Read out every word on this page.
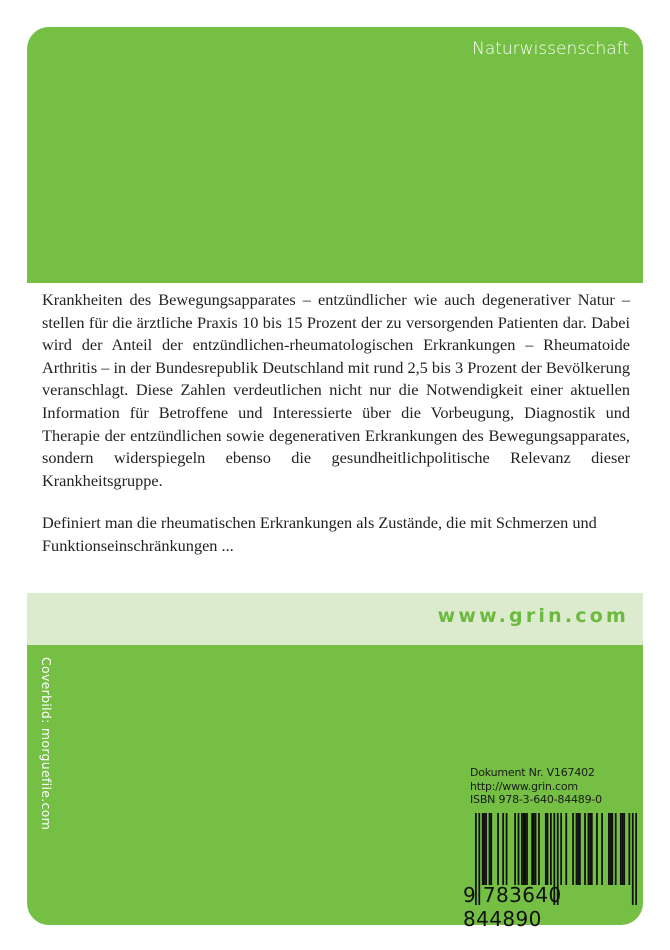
Naturwissenschaft

Krankheiten des Bewegungsapparates – entzündlicher wie auch degenerativer Natur – stellen für die ärztliche Praxis 10 bis 15 Prozent der zu versorgenden Patienten dar. Dabei wird der Anteil der entzündlichen-rheumatologischen Erkrankungen – Rheumatoide Arthritis – in der Bundesrepublik Deutschland mit rund 2,5 bis 3 Prozent der Bevölkerung veranschlagt. Diese Zahlen verdeutlichen nicht nur die Notwendigkeit einer aktuellen Information für Betroffene und Interessierte über die Vorbeugung, Diagnostik und Therapie der entzündlichen sowie degenerativen Erkrankungen des Bewegungsapparates, sondern widerspiegeln ebenso die gesundheitlichpolitische Relevanz dieser Krankheitsgruppe.

Definiert man die rheumatischen Erkrankungen als Zustände, die mit Schmerzen und Funktionseinschränkungen ...

www.grin.com
Coverbild: morguefile.com	Dokument Nr. V167402
http://www.grin.com
ISBN 978-3-640-84489-0
9 783640 844890
